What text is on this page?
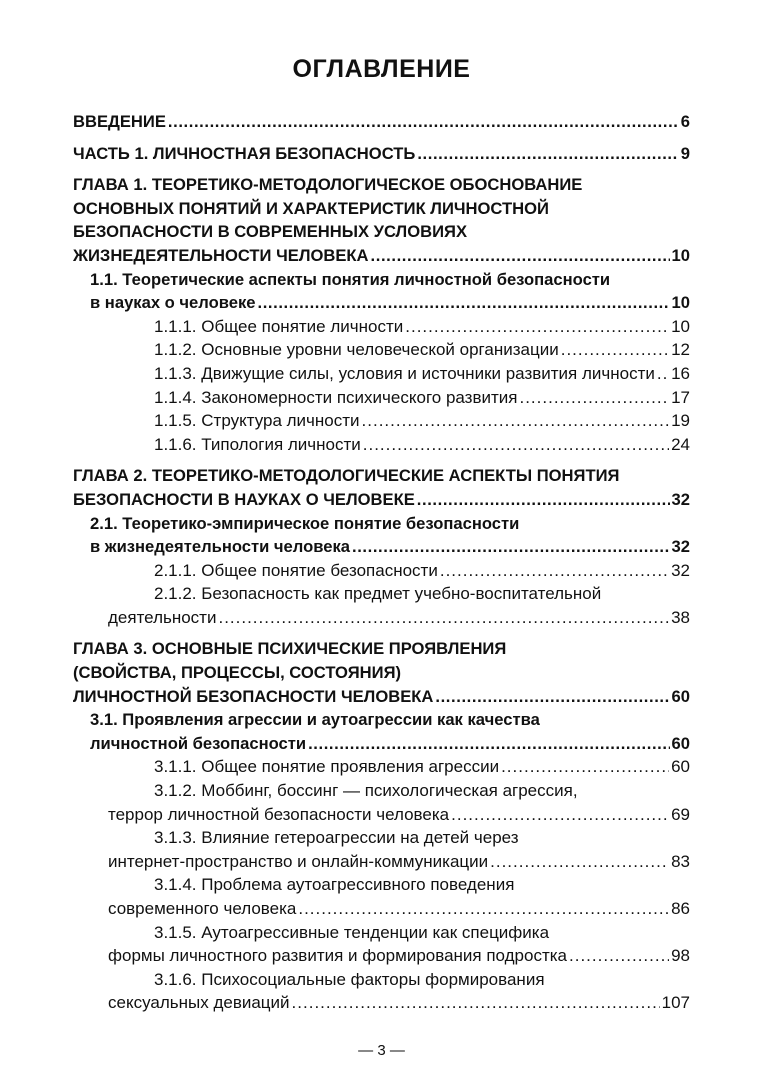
ОГЛАВЛЕНИЕ
ВВЕДЕНИЕ .....	6
ЧАСТЬ 1. ЛИЧНОСТНАЯ БЕЗОПАСНОСТЬ .....	9
ГЛАВА 1. ТЕОРЕТИКО-МЕТОДОЛОГИЧЕСКОЕ ОБОСНОВАНИЕ
ОСНОВНЫХ ПОНЯТИЙ И ХАРАКТЕРИСТИК ЛИЧНОСТНОЙ
БЕЗОПАСНОСТИ В СОВРЕМЕННЫХ УСЛОВИЯХ
ЖИЗНЕДЕЯТЕЛЬНОСТИ ЧЕЛОВЕКА .....	10
1.1. Теоретические аспекты понятия личностной безопасности
в науках о человеке .....	10
1.1.1. Общее понятие личности .....	10
1.1.2. Основные уровни человеческой организации .....	12
1.1.3. Движущие силы, условия и источники развития личности ..... 16
1.1.4. Закономерности психического развития .....	17
1.1.5. Структура личности .....	19
1.1.6. Типология личности .....	24
ГЛАВА 2. ТЕОРЕТИКО-МЕТОДОЛОГИЧЕСКИЕ АСПЕКТЫ ПОНЯТИЯ
БЕЗОПАСНОСТИ В НАУКАХ О ЧЕЛОВЕКЕ .....	32
2.1. Теоретико-эмпирическое понятие безопасности
в жизнедеятельности человека .....	32
2.1.1. Общее понятие безопасности .....	32
2.1.2. Безопасность как предмет учебно-воспитательной
деятельности .....	38
ГЛАВА 3. ОСНОВНЫЕ ПСИХИЧЕСКИЕ ПРОЯВЛЕНИЯ
(СВОЙСТВА, ПРОЦЕССЫ, СОСТОЯНИЯ)
ЛИЧНОСТНОЙ БЕЗОПАСНОСТИ ЧЕЛОВЕКА .....	60
3.1. Проявления агрессии и аутоагрессии как качества
личностной безопасности .....	60
3.1.1. Общее понятие проявления агрессии .....	60
3.1.2. Моббинг, боссинг — психологическая агрессия,
террор личностной безопасности человека .....	69
3.1.3. Влияние гетероагрессии на детей через
интернет-пространство и онлайн-коммуникации .....	83
3.1.4. Проблема аутоагрессивного поведения
современного человека .....	86
3.1.5. Аутоагрессивные тенденции как специфика
формы личностного развития и формирования подростка .....	98
3.1.6. Психосоциальные факторы формирования
сексуальных девиаций .....	107
— 3 —
